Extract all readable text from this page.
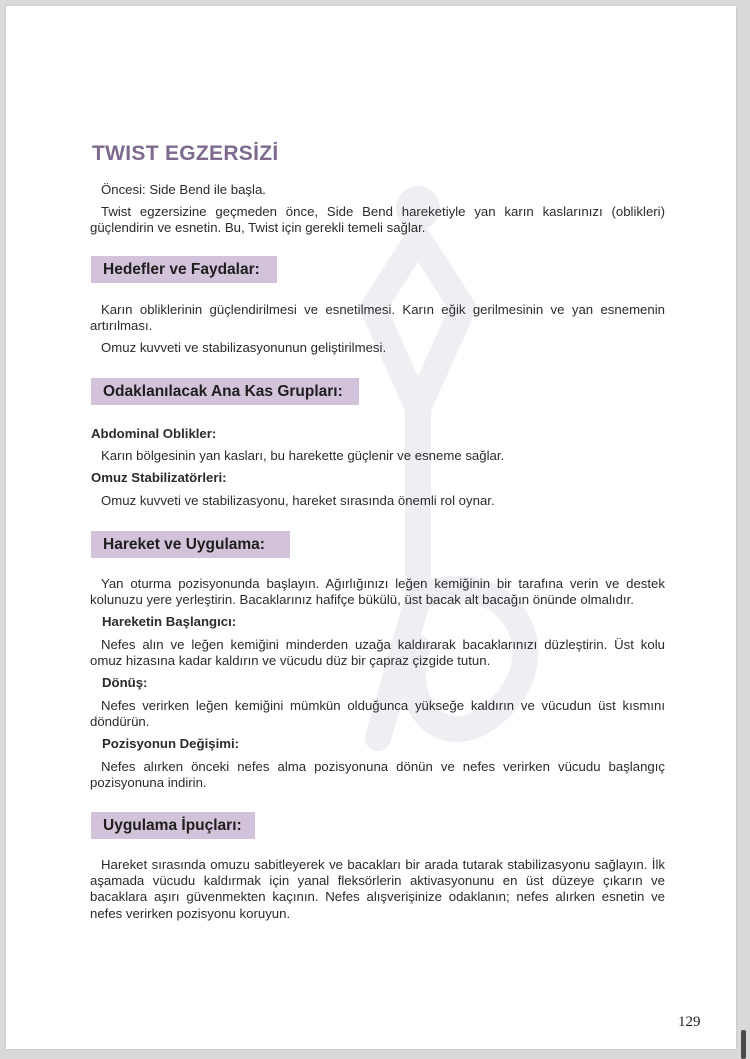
TWIST EGZERSİZİ

Öncesi: Side Bend ile başla.

Twist egzersizine geçmeden önce, Side Bend hareketiyle yan karın kaslarınızı (oblikleri) güçlendirin ve esnetin. Bu, Twist için gerekli temeli sağlar.

Hedefler ve Faydalar:

Karın obliklerinin güçlendirilmesi ve esnetilmesi. Karın eğik gerilmesinin ve yan esnemenin artırılması.

Omuz kuvveti ve stabilizasyonunun geliştirilmesi.

Odaklanılacak Ana Kas Grupları:
Abdominal Oblikler:

Karın bölgesinin yan kasları, bu harekette güçlenir ve esneme sağlar.

Omuz Stabilizatörleri:

Omuz kuvveti ve stabilizasyonu, hareket sırasında önemli rol oynar.

Hareket ve Uygulama:

Yan oturma pozisyonunda başlayın. Ağırlığınızı leğen kemiğinin bir tarafına verin ve destek kolunuzu yere yerleştirin. Bacaklarınız hafifçe bükülü, üst bacak alt bacağın önünde olmalıdır.

Hareketin Başlangıcı:

Nefes alın ve leğen kemiğini minderden uzağa kaldırarak bacaklarınızı düzleştirin. Üst kolu omuz hizasına kadar kaldırın ve vücudu düz bir çapraz çizgide tutun.

Dönüş:

Nefes verirken leğen kemiğini mümkün olduğunca yükseğe kaldırın ve vücudun üst kısmını döndürün.

Pozisyonun Değişimi:

Nefes alırken önceki nefes alma pozisyonuna dönün ve nefes verirken vücudu başlangıç pozisyonuna indirin.

Uygulama İpuçları:

Hareket sırasında omuzu sabitleyerek ve bacakları bir arada tutarak stabilizasyonu sağlayın. İlk aşamada vücudu kaldırmak için yanal fleksörlerin aktivasyonunu en üst düzeye çıkarın ve bacaklara aşırı güvenmekten kaçının. Nefes alışverişinize odaklanın; nefes alırken esnetin ve nefes verirken pozisyonu koruyun.

129
